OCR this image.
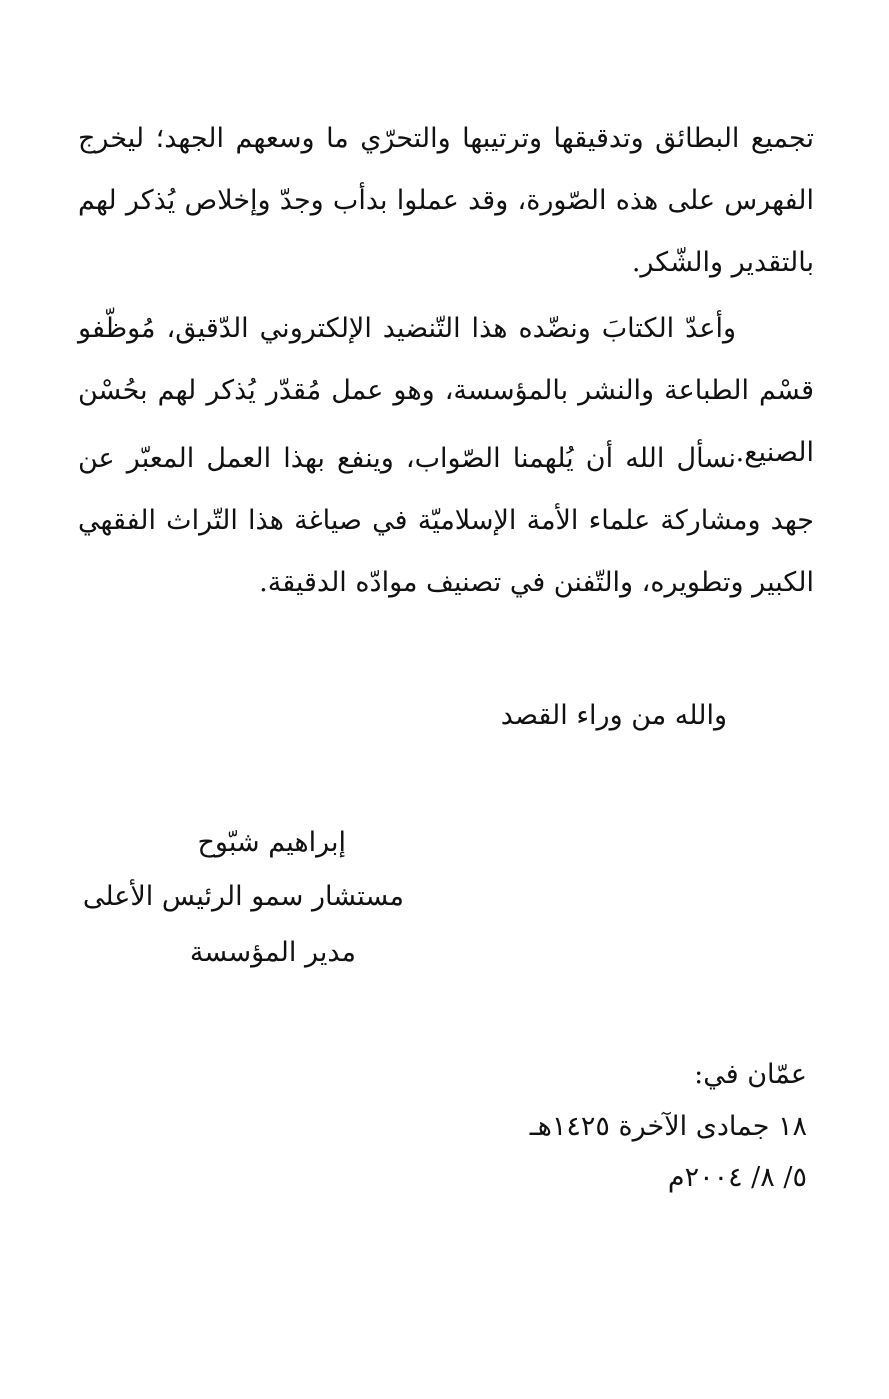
تجميع البطائق وتدقيقها وترتيبها والتحرّي ما وسعهم الجهد؛ ليخرج الفهرس على هذه الصّورة، وقد عملوا بدأب وجدّ وإخلاص يُذكر لهم بالتقدير والشّكر.

وأعدّ الكتابَ ونضّده هذا التّنضيد الإلكتروني الدّقيق، مُوظّفو قسْم الطباعة والنشر بالمؤسسة، وهو عمل مُقدّر يُذكر لهم بحُسْن الصنيع.

نسأل الله أن يُلهمنا الصّواب، وينفع بهذا العمل المعبّر عن جهد ومشاركة علماء الأمة الإسلاميّة في صياغة هذا التّراث الفقهي الكبير وتطويره، والتّفنن في تصنيف موادّه الدقيقة.

والله من وراء القصد

إبراهيم شبّوح

مستشار سمو الرئيس الأعلى

مدير المؤسسة

عمّان في:

١٨ جمادى الآخرة ١٤٢٥هـ

٥/ ٨/ ٢٠٠٤م
